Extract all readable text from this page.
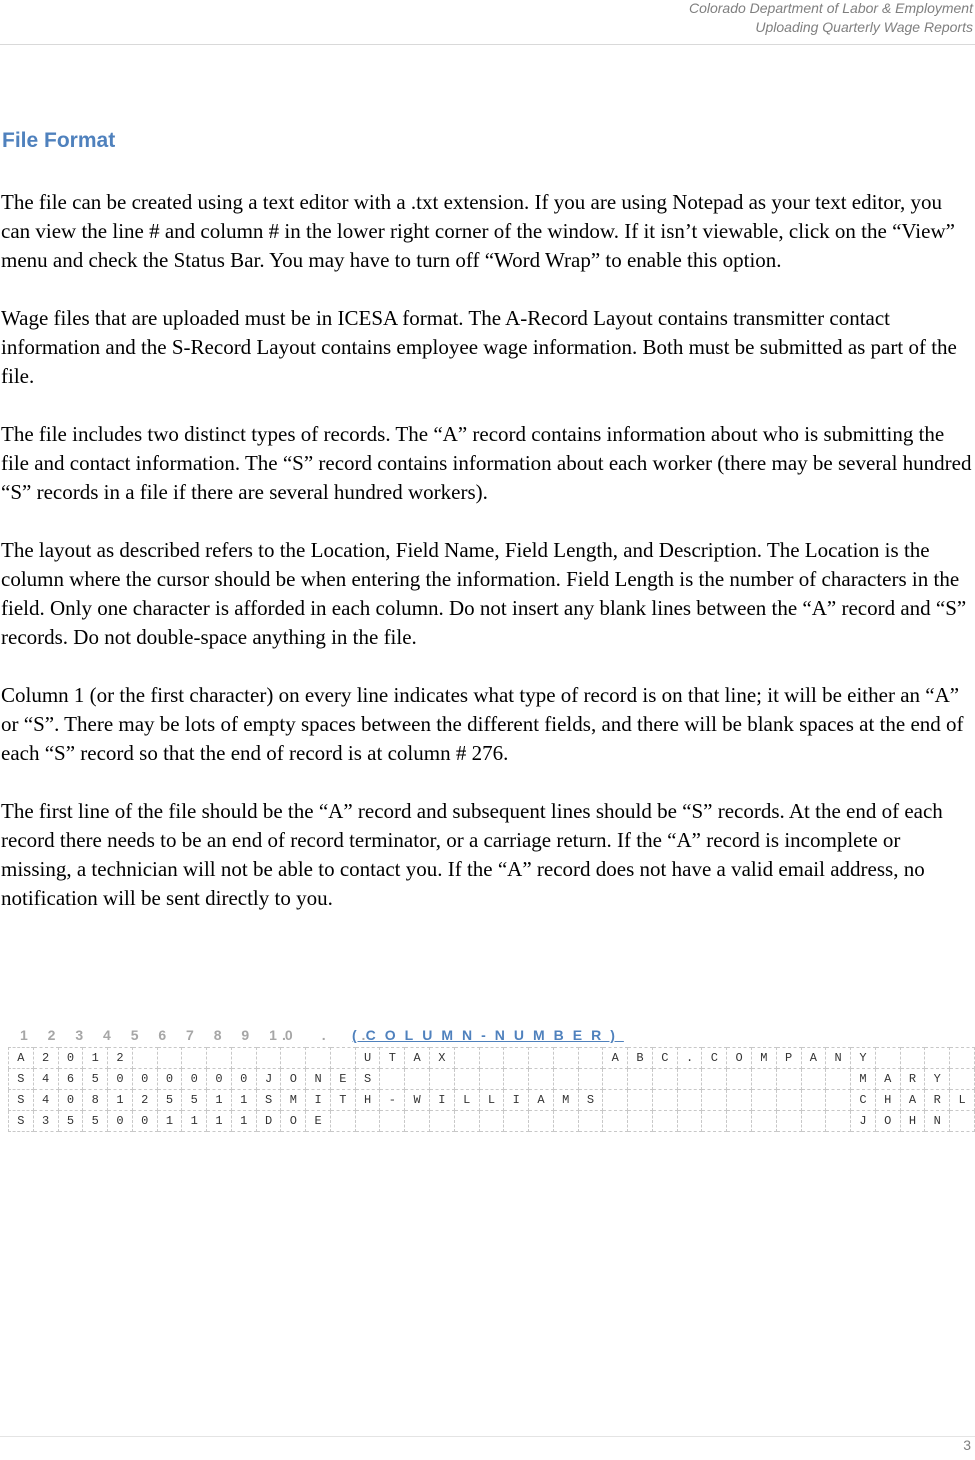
Colorado Department of Labor & Employment
Uploading Quarterly Wage Reports
File Format

The file can be created using a text editor with a .txt extension. If you are using Notepad as your text editor, you can view the line # and column # in the lower right corner of the window. If it isn’t viewable, click on the “View” menu and check the Status Bar. You may have to turn off “Word Wrap” to enable this option.

Wage files that are uploaded must be in ICESA format. The A-Record Layout contains transmitter contact information and the S-Record Layout contains employee wage information. Both must be submitted as part of the file.

The file includes two distinct types of records. The “A” record contains information about who is submitting the file and contact information. The “S” record contains information about each worker (there may be several hundred “S” records in a file if there are several hundred workers).

The layout as described refers to the Location, Field Name, Field Length, and Description. The Location is the column where the cursor should be when entering the information. Field Length is the number of characters in the field. Only one character is afforded in each column. Do not insert any blank lines between the “A” record and “S” records. Do not double-space anything in the file.

Column 1 (or the first character) on every line indicates what type of record is on that line; it will be either an “A” or “S”. There may be lots of empty spaces between the different fields, and there will be blank spaces at the end of each “S” record so that the end of record is at column # 276.

The first line of the file should be the “A” record and subsequent lines should be “S” records. At the end of each record there needs to be an end of record terminator, or a carriage return. If the “A” record is incomplete or missing, a technician will not be able to contact you. If the “A” record does not have a valid email address, no notification will be sent directly to you.

1 2 3 4 5 6 7 8 9 10
. . .
(COLUMN-NUMBER)
A	2	0	1	2										U	T	A	X							A	B	C	.	C	O	M	P	A	N	Y				
S	4	6	5	0	0	0	0	0	0	J	O	N	E	S																				M	A	R	Y	
S	4	0	8	1	2	5	5	1	1	S	M	I	T	H	-	W	I	L	L	I	A	M	S											C	H	A	R	L
S	3	5	5	0	0	1	1	1	1	D	O	E																						J	O	H	N	
3
